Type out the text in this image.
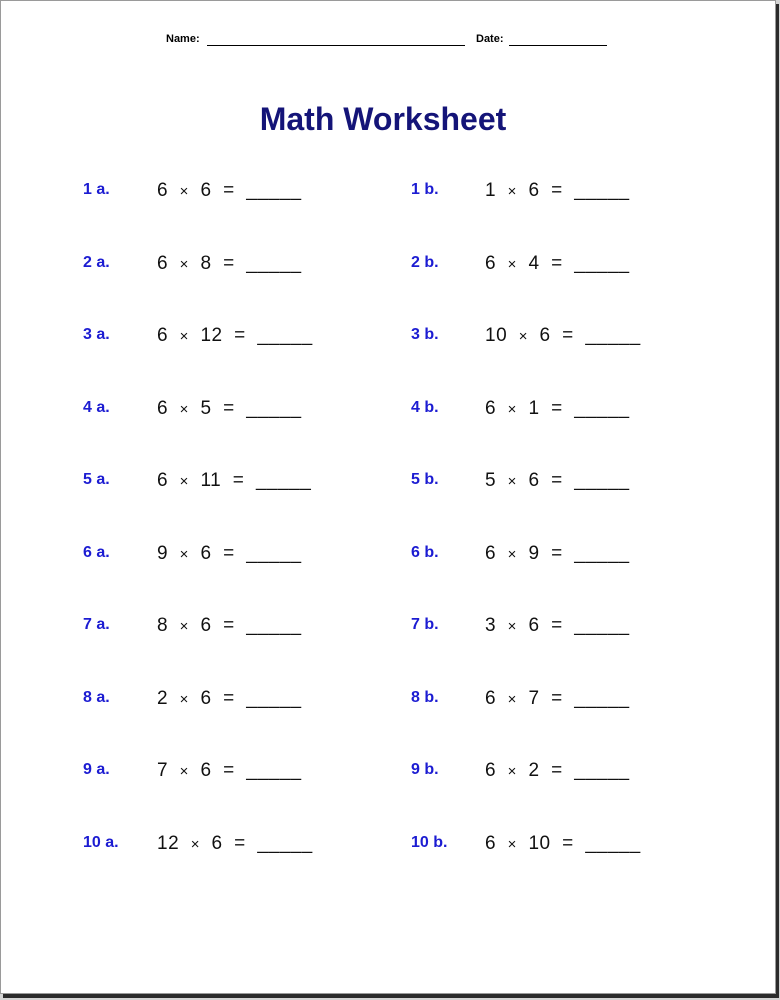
Name:	Date:
Math Worksheet
1 a. 6 × 6 = _____	1 b. 1 × 6 = _____
2 a. 6 × 8 = _____	2 b. 6 × 4 = _____
3 a. 6 × 12 = _____	3 b. 10 × 6 = _____
4 a. 6 × 5 = _____	4 b. 6 × 1 = _____
5 a. 6 × 11 = _____	5 b. 5 × 6 = _____
6 a. 9 × 6 = _____	6 b. 6 × 9 = _____
7 a. 8 × 6 = _____	7 b. 3 × 6 = _____
8 a. 2 × 6 = _____	8 b. 6 × 7 = _____
9 a. 7 × 6 = _____	9 b. 6 × 2 = _____
10 a. 12 × 6 = _____	10 b. 6 × 10 = _____
